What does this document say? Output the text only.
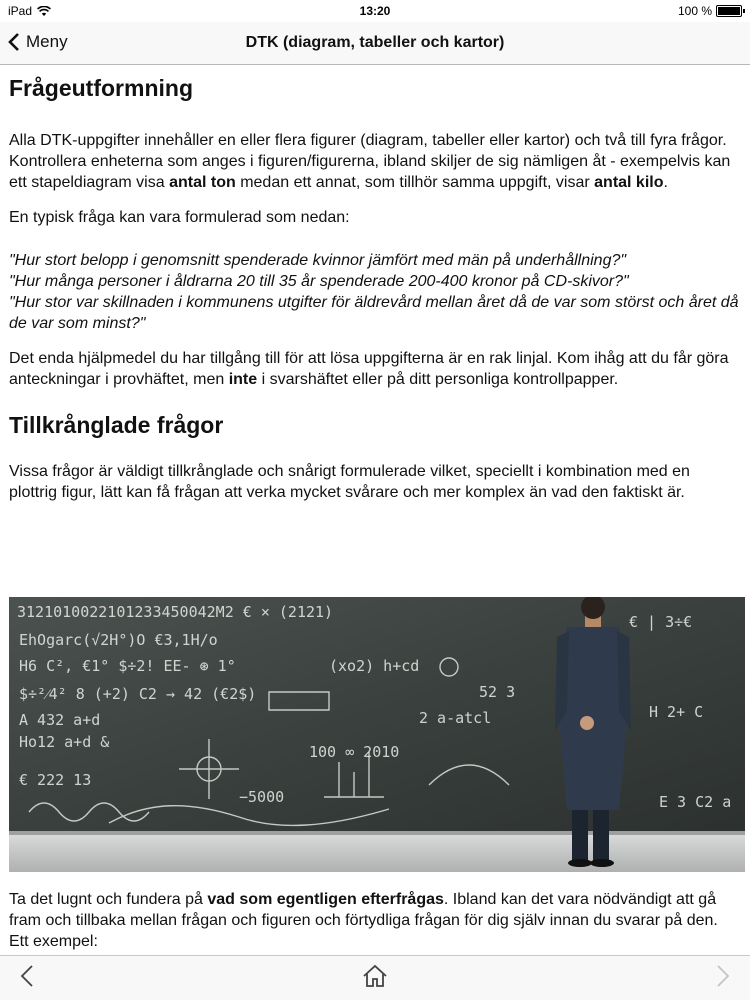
iPad	13:20	100 %
Meny	DTK (diagram, tabeller och kartor)
Frågeutformning

Alla DTK-uppgifter innehåller en eller flera figurer (diagram, tabeller eller kartor) och två till fyra frågor. Kontrollera enheterna som anges i figuren/figurerna, ibland skiljer de sig nämligen åt - exempelvis kan ett stapeldiagram visa antal ton medan ett annat, som tillhör samma uppgift, visar antal kilo.

En typisk fråga kan vara formulerad som nedan:

"Hur stort belopp i genomsnitt spenderade kvinnor jämfört med män på underhållning?"

"Hur många personer i åldrarna 20 till 35 år spenderade 200-400 kronor på CD-skivor?"

"Hur stor var skillnaden i kommunens utgifter för äldrevård mellan året då de var som störst och året då de var som minst?"

Det enda hjälpmedel du har tillgång till för att lösa uppgifterna är en rak linjal. Kom ihåg att du får göra anteckningar i provhäftet, men inte i svarshäftet eller på ditt personliga kontrollpapper.

Tillkrånglade frågor

Vissa frågor är väldigt tillkrånglade och snårigt formulerade vilket, speciellt i kombination med en plottrig figur, lätt kan få frågan att verka mycket svårare och mer komplex än vad den faktiskt är.

3121010022101233450042M2 € × (2121)
EhOgarc(√2H°)O €3,1H/o
H6 C², €1° $÷2! EE- ⊛ 1°	(xo2) h+cd
$÷²⁄4² 8 (+2) C2 → 42 (€2$)
A 432 a+d
Ho12 a+d &
2 a-atcl
100 ∞ 2010
€ 222 13
−5000
52 3
€ | 3÷€
H 2+ C
E 3 C2 a

Ta det lugnt och fundera på vad som egentligen efterfrågas. Ibland kan det vara nödvändigt att gå fram och tillbaka mellan frågan och figuren och förtydliga frågan för dig själv innan du svarar på den. Ett exempel:
